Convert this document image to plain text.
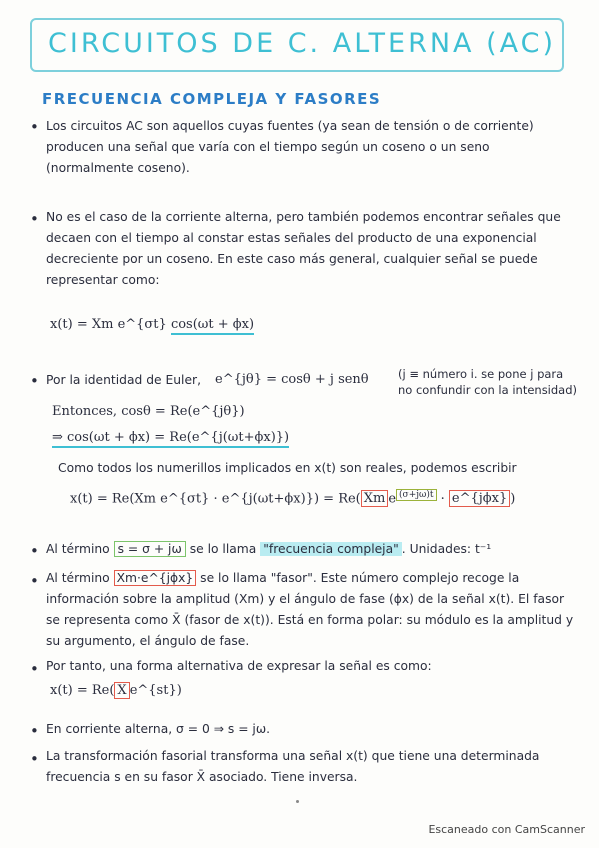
CIRCUITOS DE C. ALTERNA (AC)
FRECUENCIA COMPLEJA Y FASORES
• Los circuitos AC son aquellos cuyas fuentes (ya sean de tensión o de corriente) producen una señal que varía con el tiempo según un coseno o un seno (normalmente coseno).
• No es el caso de la corriente alterna, pero también podemos encontrar señales que decaen con el tiempo al constar estas señales del producto de una exponencial decreciente por un coseno. En este caso más general, cualquier señal se puede representar como:
x(t) = Xm e^{σt} cos(ωt + ϕx)
• Por la identidad de Euler,	e^{jθ} = cosθ + j senθ	(j ≡ número i. se pone j para no confundir con la intensidad)
Entonces, cosθ = Re(e^{jθ})
⇒ cos(ωt + ϕx) = Re(e^{j(ωt+ϕx)})
Como todos los numerillos implicados en x(t) son reales, podemos escribir
x(t) = Re(Xm e^{σt} · e^{j(ωt+ϕx)}) = Re( Xm e $^{(\sigma+j\omega)t}$ · e^{jϕx} )
• Al término s = σ + jω se lo llama "frecuencia compleja" . Unidades: t⁻¹
• Al término Xm·e^{jϕx} se lo llama "fasor". Este número complejo recoge la información sobre la amplitud (Xm) y el ángulo de fase (ϕx) de la señal x(t). El fasor se representa como X̄ (fasor de x(t)). Está en forma polar: su módulo es la amplitud y su argumento, el ángulo de fase.
• Por tanto, una forma alternativa de expresar la señal es como:
x(t) = Re( X e^{st})
• En corriente alterna, σ = 0 ⇒ s = jω.
• La transformación fasorial transforma una señal x(t) que tiene una determinada frecuencia s en su fasor X̄ asociado. Tiene inversa.
Escaneado con CamScanner
